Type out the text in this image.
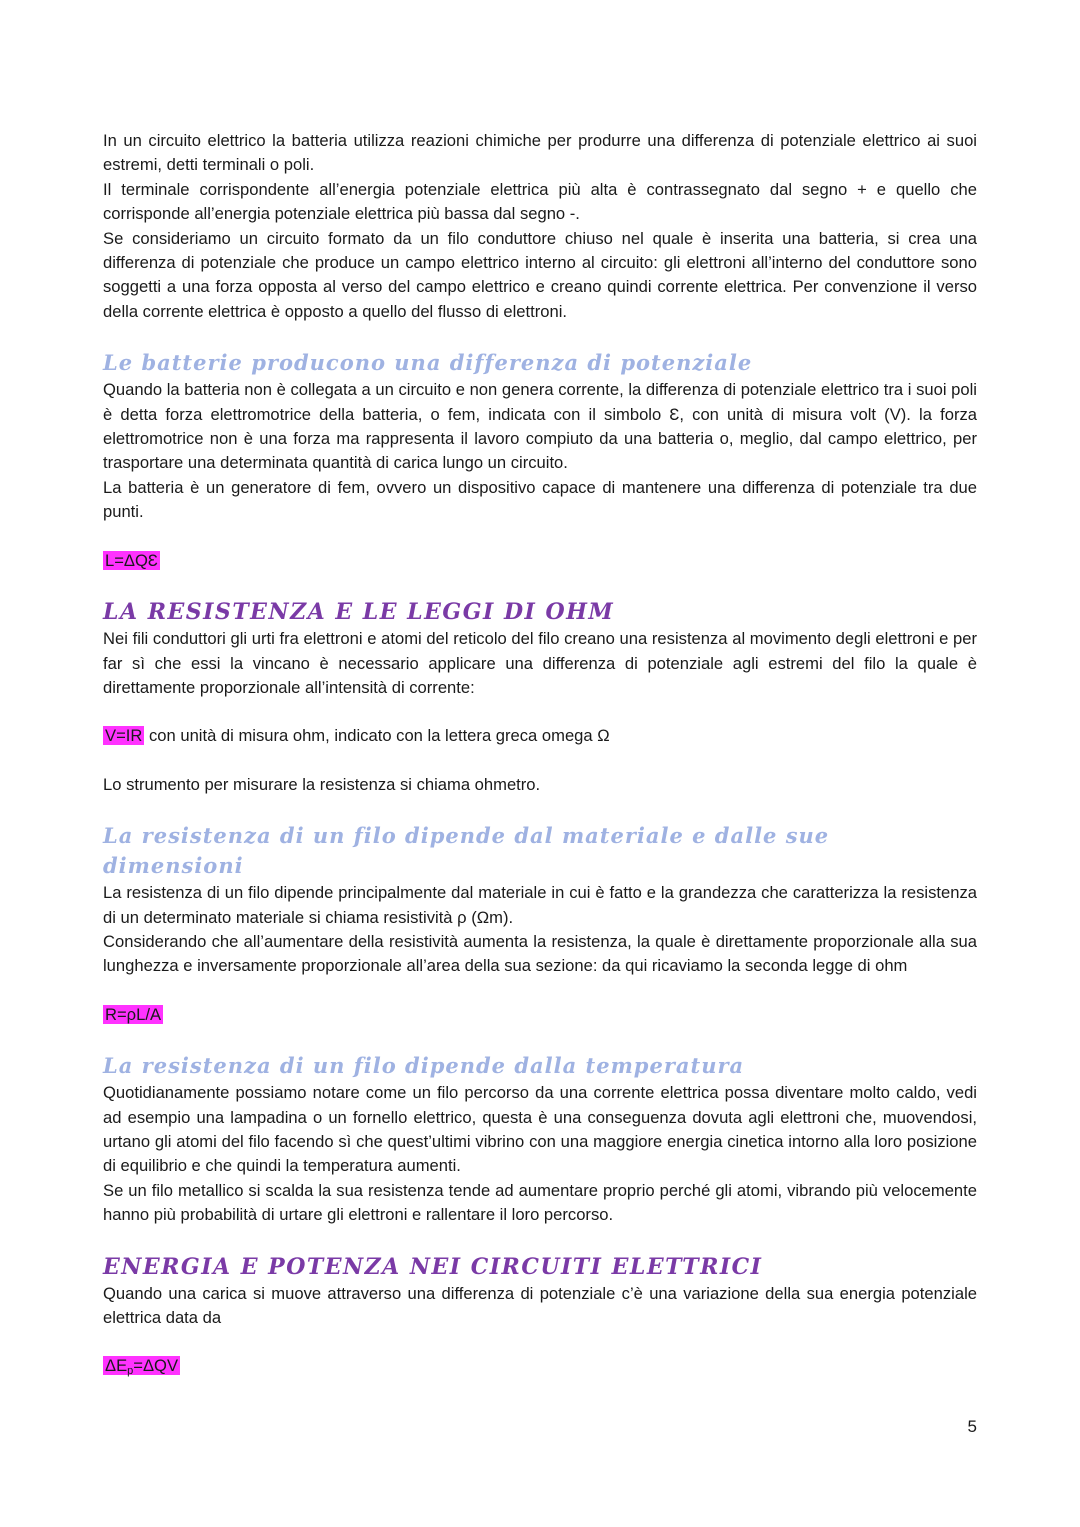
In un circuito elettrico la batteria utilizza reazioni chimiche per produrre una differenza di potenziale elettrico ai suoi estremi, detti terminali o poli.

Il terminale corrispondente all’energia potenziale elettrica più alta è contrassegnato dal segno + e quello che corrisponde all’energia potenziale elettrica più bassa dal segno -.

Se consideriamo un circuito formato da un filo conduttore chiuso nel quale è inserita una batteria, si crea una differenza di potenziale che produce un campo elettrico interno al circuito: gli elettroni all’interno del conduttore sono soggetti a una forza opposta al verso del campo elettrico e creano quindi corrente elettrica. Per convenzione il verso della corrente elettrica è opposto a quello del flusso di elettroni.

Le batterie producono una differenza di potenziale

Quando la batteria non è collegata a un circuito e non genera corrente, la differenza di potenziale elettrico tra i suoi poli è detta forza elettromotrice della batteria, o fem, indicata con il simbolo Ɛ, con unità di misura volt (V). la forza elettromotrice non è una forza ma rappresenta il lavoro compiuto da una batteria o, meglio, dal campo elettrico, per trasportare una determinata quantità di carica lungo un circuito.

La batteria è un generatore di fem, ovvero un dispositivo capace di mantenere una differenza di potenziale tra due punti.

L=ΔQƐ

LA RESISTENZA E LE LEGGI DI OHM

Nei fili conduttori gli urti fra elettroni e atomi del reticolo del filo creano una resistenza al movimento degli elettroni e per far sì che essi la vincano è necessario applicare una differenza di potenziale agli estremi del filo la quale è direttamente proporzionale all’intensità di corrente:

V=IR con unità di misura ohm, indicato con la lettera greca omega Ω

Lo strumento per misurare la resistenza si chiama ohmetro.

La resistenza di un filo dipende dal materiale e dalle sue dimensioni

La resistenza di un filo dipende principalmente dal materiale in cui è fatto e la grandezza che caratterizza la resistenza di un determinato materiale si chiama resistività ρ (Ωm).

Considerando che all’aumentare della resistività aumenta la resistenza, la quale è direttamente proporzionale alla sua lunghezza e inversamente proporzionale all’area della sua sezione: da qui ricaviamo la seconda legge di ohm

R=ρL/A

La resistenza di un filo dipende dalla temperatura

Quotidianamente possiamo notare come un filo percorso da una corrente elettrica possa diventare molto caldo, vedi ad esempio una lampadina o un fornello elettrico, questa è una conseguenza dovuta agli elettroni che, muovendosi, urtano gli atomi del filo facendo sì che quest’ultimi vibrino con una maggiore energia cinetica intorno alla loro posizione di equilibrio e che quindi la temperatura aumenti.

Se un filo metallico si scalda la sua resistenza tende ad aumentare proprio perché gli atomi, vibrando più velocemente hanno più probabilità di urtare gli elettroni e rallentare il loro percorso.

ENERGIA E POTENZA NEI CIRCUITI ELETTRICI

Quando una carica si muove attraverso una differenza di potenziale c’è una variazione della sua energia potenziale elettrica data da

$\Delta E_p=\Delta QV$

5
